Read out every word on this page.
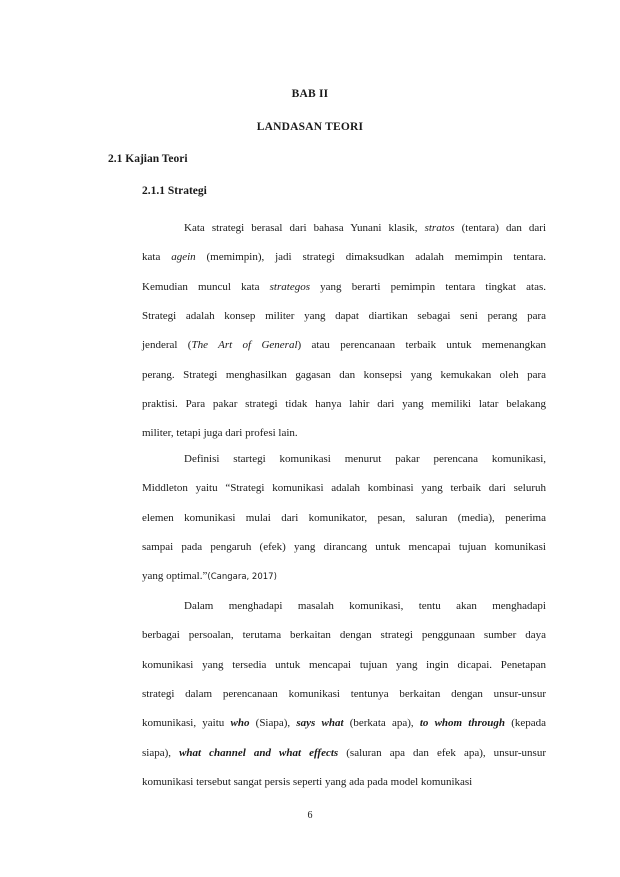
BAB II
LANDASAN TEORI
2.1 Kajian Teori
2.1.1 Strategi
Kata strategi berasal dari bahasa Yunani klasik, stratos (tentara) dan dari
kata agein (memimpin), jadi strategi dimaksudkan adalah memimpin tentara.
Kemudian muncul kata strategos yang berarti pemimpin tentara tingkat atas.
Strategi adalah konsep militer yang dapat diartikan sebagai seni perang para
jenderal (The Art of General) atau perencanaan terbaik untuk memenangkan
perang. Strategi menghasilkan gagasan dan konsepsi yang kemukakan oleh para
praktisi. Para pakar strategi tidak hanya lahir dari yang memiliki latar belakang
militer, tetapi juga dari profesi lain.
Definisi startegi komunikasi menurut pakar perencana komunikasi,
Middleton yaitu “Strategi komunikasi adalah kombinasi yang terbaik dari seluruh
elemen komunikasi mulai dari komunikator, pesan, saluran (media), penerima
sampai pada pengaruh (efek) yang dirancang untuk mencapai tujuan komunikasi
yang optimal.”(Cangara, 2017)
Dalam menghadapi masalah komunikasi, tentu akan menghadapi
berbagai persoalan, terutama berkaitan dengan strategi penggunaan sumber daya
komunikasi yang tersedia untuk mencapai tujuan yang ingin dicapai. Penetapan
strategi dalam perencanaan komunikasi tentunya berkaitan dengan unsur-unsur
komunikasi, yaitu who (Siapa), says what (berkata apa), to whom through (kepada
siapa), what channel and what effects (saluran apa dan efek apa), unsur-unsur
komunikasi tersebut sangat persis seperti yang ada pada model komunikasi
6
